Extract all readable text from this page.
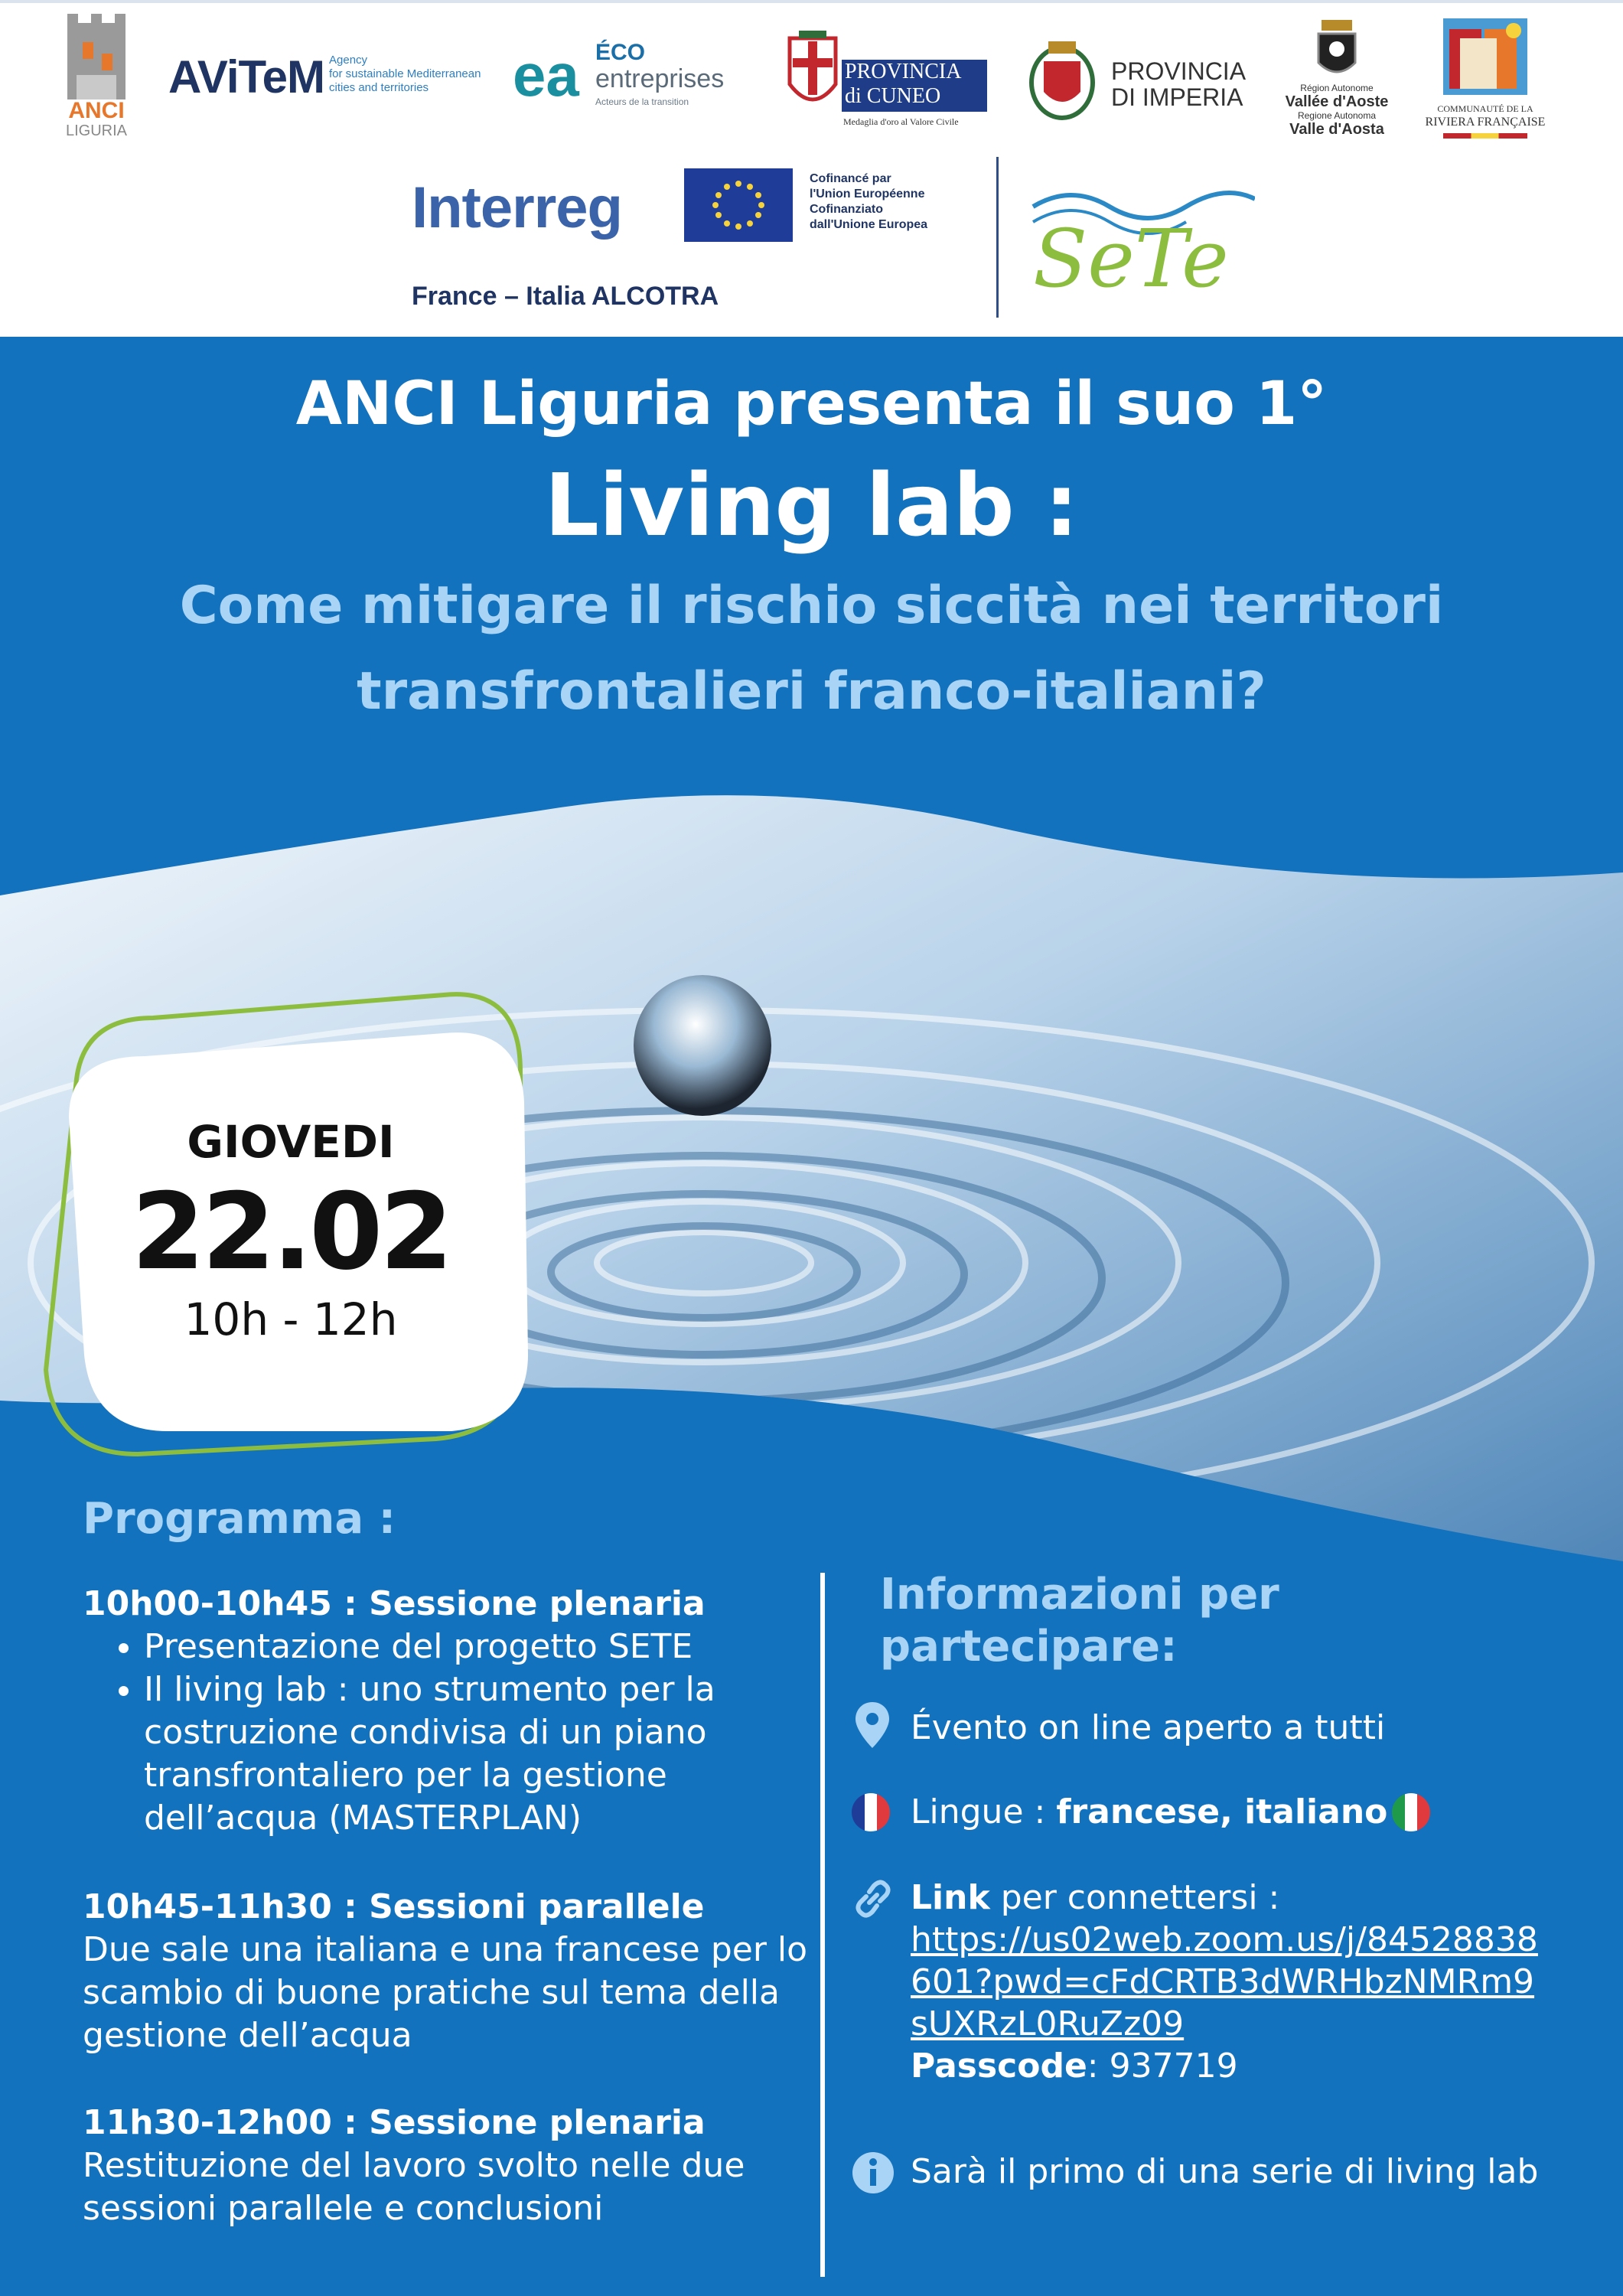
ANCI
LIGURIA
AViTeM Agency
for sustainable Mediterranean
cities and territories	ea ÉCO
entreprises
Acteurs de la transition
PROVINCIA
di CUNEO
Medaglia d'oro al Valore Civile
PROVINCIA
DI IMPERIA	Région Autonome
Vallée d'Aoste
Regione Autonoma
Valle d'Aosta
COMMUNAUTÉ DE LA
RIVIERA FRANÇAISE
Interreg	Cofinancé par
l'Union Européenne
Cofinanziato
dall'Unione Europea
France – Italia ALCOTRA	SeTe
ANCI Liguria presenta il suo 1°
Living lab :
Come mitigare il rischio siccità nei territori
transfrontalieri franco-italiani?
GIOVEDI
22.02
10h - 12h
Programma :
10h00-10h45 : Sessione plenaria
• Presentazione del progetto SETE
• Il living lab : uno strumento per la costruzione condivisa di un piano transfrontaliero per la gestione dell’acqua (MASTERPLAN)
10h45-11h30 : Sessioni parallele
Due sale una italiana e una francese per lo scambio di buone pratiche sul tema della gestione dell’acqua
11h30-12h00 : Sessione plenaria
Restituzione del lavoro svolto nelle due sessioni parallele e conclusioni
Informazioni per
partecipare:
Évento on line aperto a tutti
Lingue : francese, italiano
Link per connettersi :
https://us02web.zoom.us/j/84528838601?pwd=cFdCRTB3dWRHbzNMRm9sUXRzL0RuZz09
Passcode: 937719
Sarà il primo di una serie di living lab
